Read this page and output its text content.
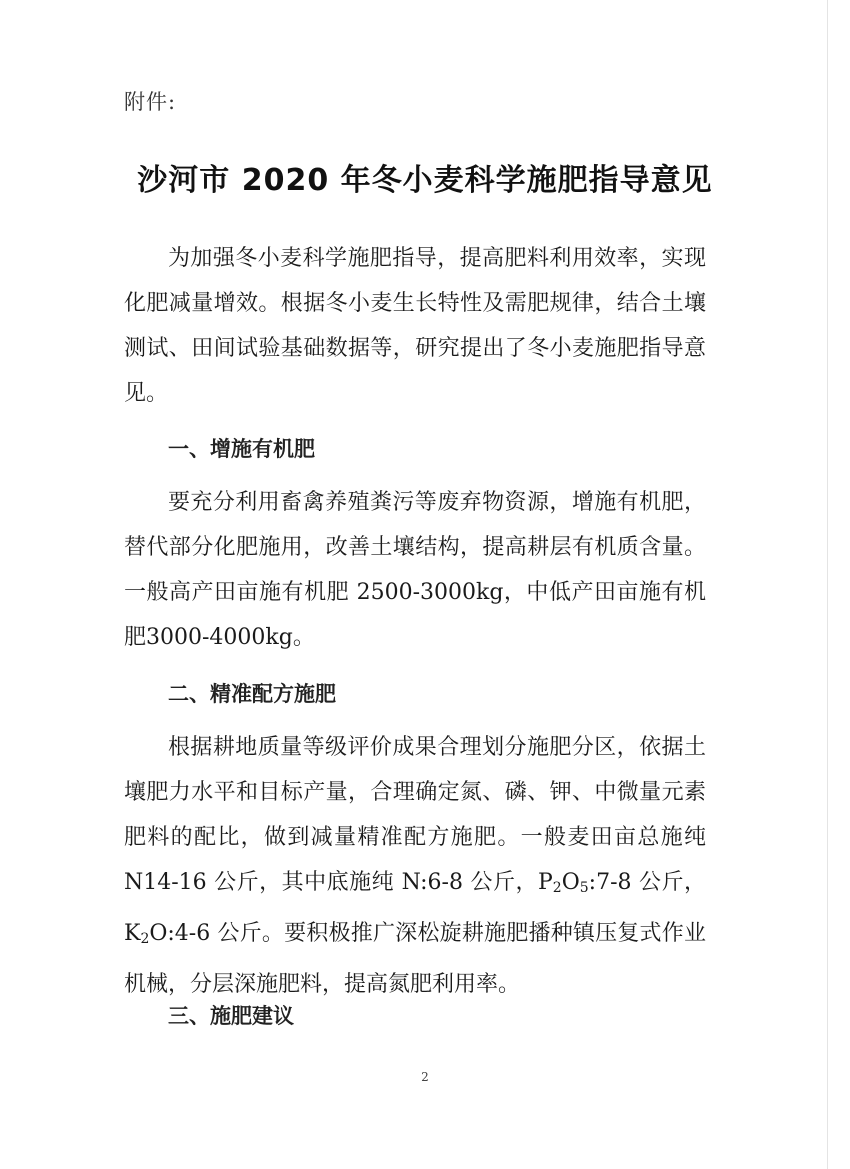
附件:
沙河市 2020 年冬小麦科学施肥指导意见

为加强冬小麦科学施肥指导，提高肥料利用效率，实现化肥减量增效。根据冬小麦生长特性及需肥规律，结合土壤测试、田间试验基础数据等，研究提出了冬小麦施肥指导意见。

一、增施有机肥

要充分利用畜禽养殖粪污等废弃物资源，增施有机肥，替代部分化肥施用，改善土壤结构，提高耕层有机质含量。一般高产田亩施有机肥 2500-3000kg，中低产田亩施有机肥3000-4000kg。

二、精准配方施肥

根据耕地质量等级评价成果合理划分施肥分区，依据土壤肥力水平和目标产量，合理确定氮、磷、钾、中微量元素肥料的配比，做到减量精准配方施肥。一般麦田亩总施纯N14-16 公斤，其中底施纯 N:6-8 公斤，$P_2O_5:7-8$ 公斤，$K_2O:4-6$ 公斤。要积极推广深松旋耕施肥播种镇压复式作业机械，分层深施肥料，提高氮肥利用率。

三、施肥建议
2
